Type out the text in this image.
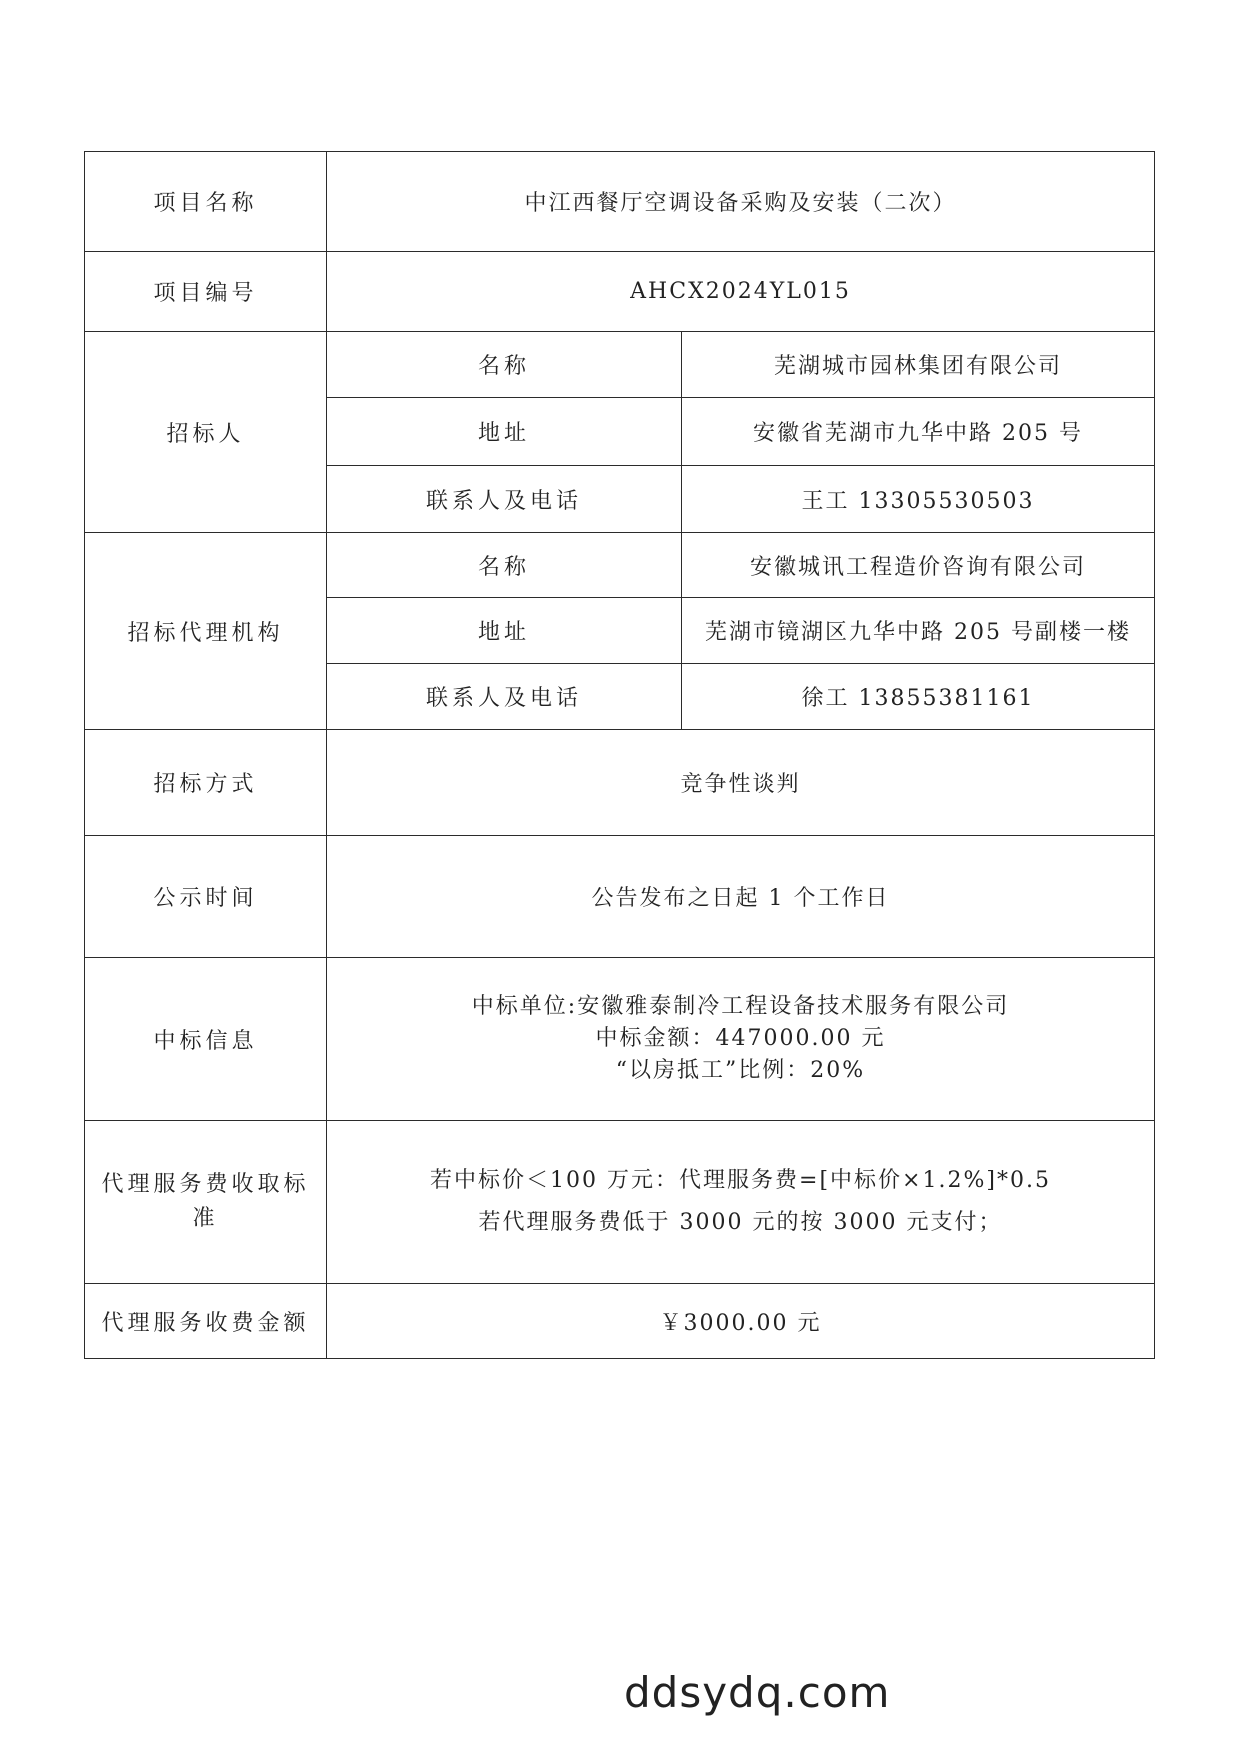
项目名称	中江西餐厅空调设备采购及安装（二次）	
项目编号	AHCX2024YL015	
招标人	名称	芜湖城市园林集团有限公司
	地址	安徽省芜湖市九华中路 205 号
	联系人及电话	王工 13305530503
招标代理机构	名称	安徽城讯工程造价咨询有限公司
	地址	芜湖市镜湖区九华中路 205 号副楼一楼
	联系人及电话	徐工 13855381161
招标方式	竞争性谈判	
公示时间	公告发布之日起 1 个工作日	
中标信息	中标单位:安徽雅泰制冷工程设备技术服务有限公司
中标金额：447000.00 元
“以房抵工”比例：20%	

代理服务费收取标准	若中标价＜100 万元：代理服务费=[中标价×1.2%]*0.5
若代理服务费低于 3000 元的按 3000 元支付；	

代理服务收费金额	￥3000.00 元	
ddsydq.com
